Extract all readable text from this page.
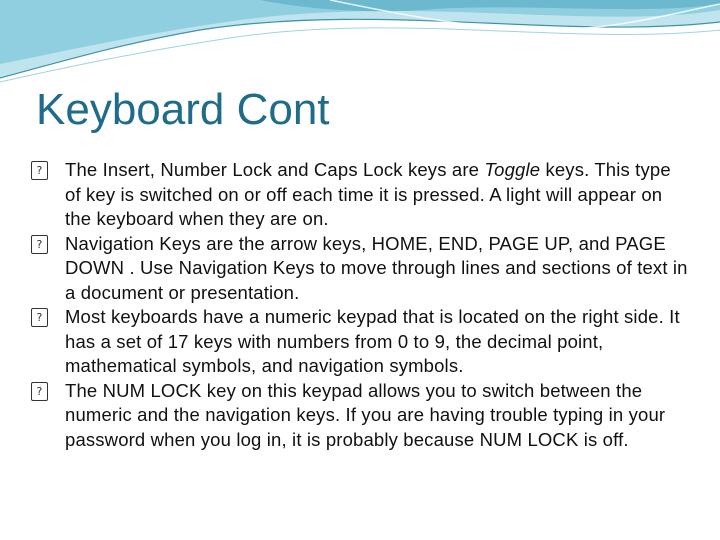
Keyboard Cont
? The Insert, Number Lock and Caps Lock keys are Toggle keys. This type of key is switched on or off each time it is pressed. A light will appear on the keyboard when they are on.
? Navigation Keys are the arrow keys, HOME, END, PAGE UP, and PAGE DOWN . Use Navigation Keys to move through lines and sections of text in a document or presentation.
? Most keyboards have a numeric keypad that is located on the right side. It has a set of 17 keys with numbers from 0 to 9, the decimal point, mathematical symbols, and navigation symbols.
? The NUM LOCK key on this keypad allows you to switch between the numeric and the navigation keys. If you are having trouble typing in your password when you log in, it is probably because NUM LOCK is off.
